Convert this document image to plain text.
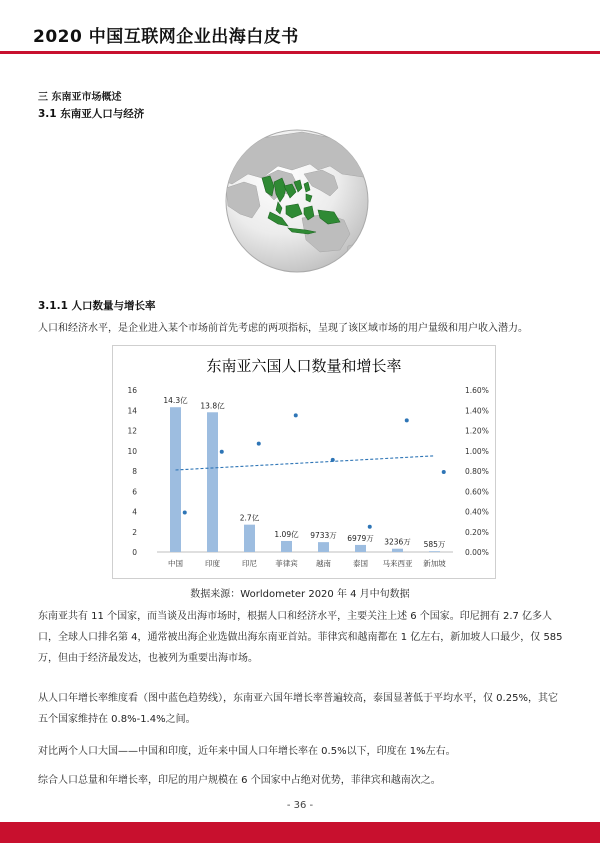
2020 中国互联网企业出海白皮书
三 东南亚市场概述
3.1 东南亚人口与经济
3.1.1 人口数量与增长率
人口和经济水平，是企业进入某个市场前首先考虑的两项指标，呈现了该区域市场的用户量级和用户收入潜力。
东南亚六国人口数量和增长率
0
2
4
6
8
10
12
14
16
0.00%
0.20%
0.40%
0.60%
0.80%
1.00%
1.20%
1.40%
1.60%
14.3亿
13.8亿
2.7亿
1.09亿 9733万 6979万 3236万 585万
中国	印度	印尼 菲律宾 越南	泰国 马来西亚 新加坡
数据来源：Worldometer 2020 年 4 月中旬数据
东南亚共有 11 个国家，而当谈及出海市场时，根据人口和经济水平，主要关注上述 6 个国家。印尼拥有 2.7 亿多人口，全球人口排名第 4，通常被出海企业选做出海东南亚首站。菲律宾和越南都在 1 亿左右，新加坡人口最少，仅 585 万，但由于经济最发达，也被列为重要出海市场。
从人口年增长率维度看（图中蓝色趋势线），东南亚六国年增长率普遍较高，泰国显著低于平均水平，仅 0.25%，其它五个国家维持在 0.8%-1.4%之间。
对比两个人口大国——中国和印度，近年来中国人口年增长率在 0.5%以下，印度在 1%左右。
综合人口总量和年增长率，印尼的用户规模在 6 个国家中占绝对优势，菲律宾和越南次之。
- 36 -
